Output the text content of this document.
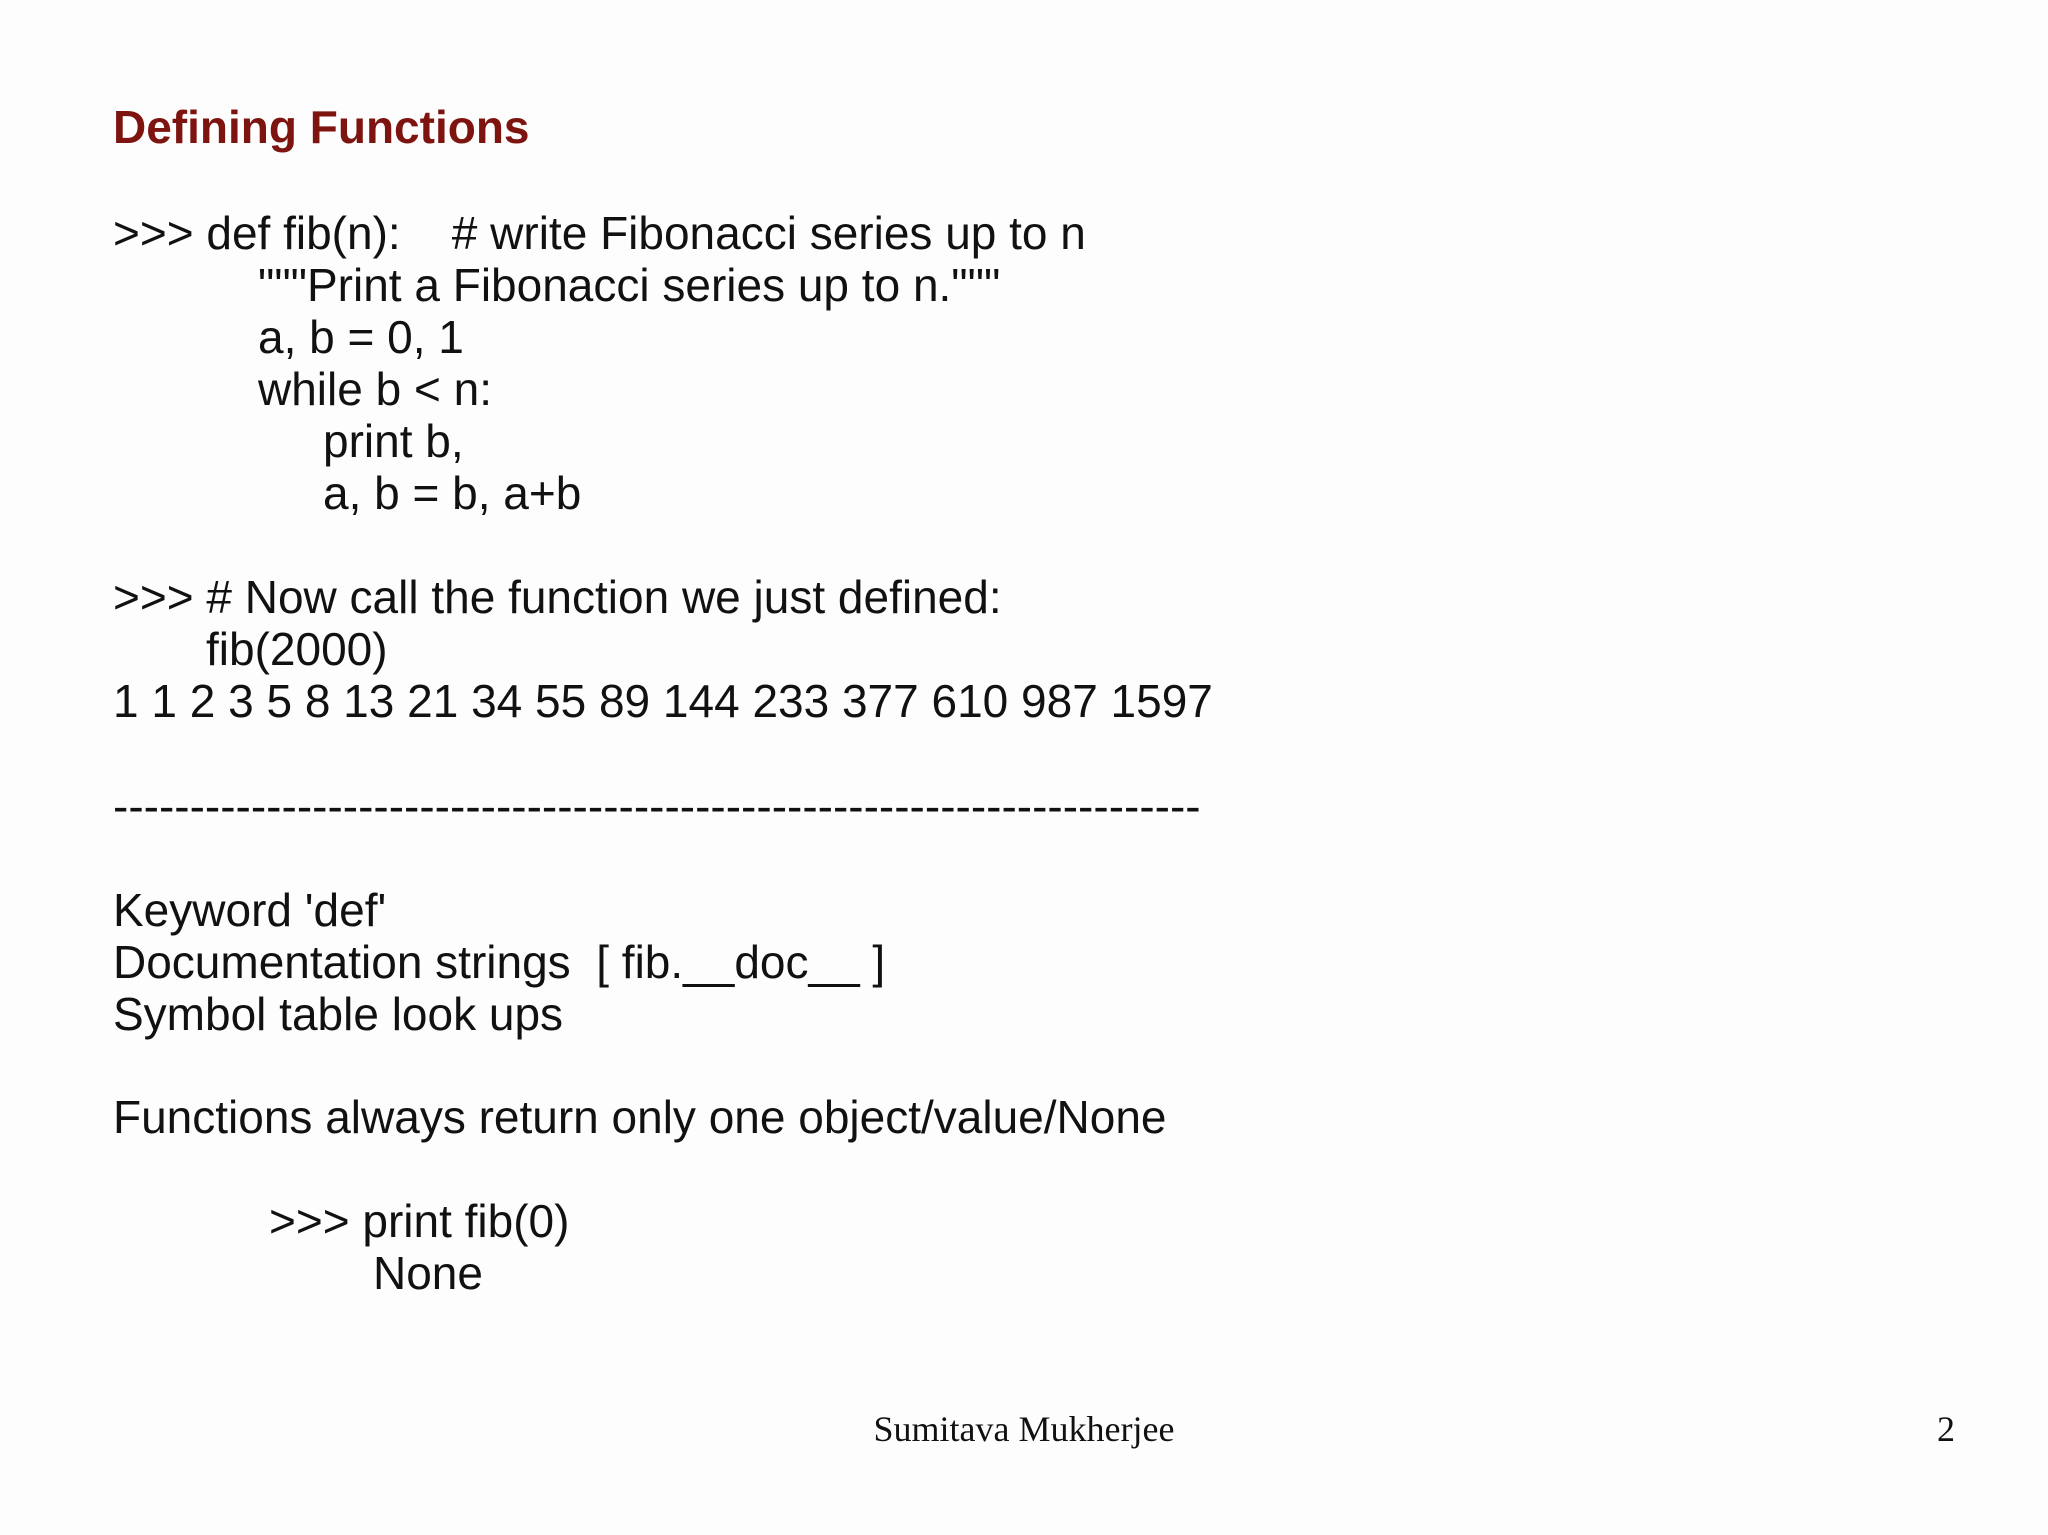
Defining Functions
>>> def fib(n):    # write Fibonacci series up to n
"""Print a Fibonacci series up to n."""
a, b = 0, 1
while b < n:
print b,
a, b = b, a+b
>>> # Now call the function we just defined:
fib(2000)
1 1 2 3 5 8 13 21 34 55 89 144 233 377 610 987 1597
-----------------------------------------------------------------------
Keyword 'def'
Documentation strings  [ fib.__doc__ ]
Symbol table look ups
Functions always return only one object/value/None
>>> print fib(0)
None
Sumitava Mukherjee	2
